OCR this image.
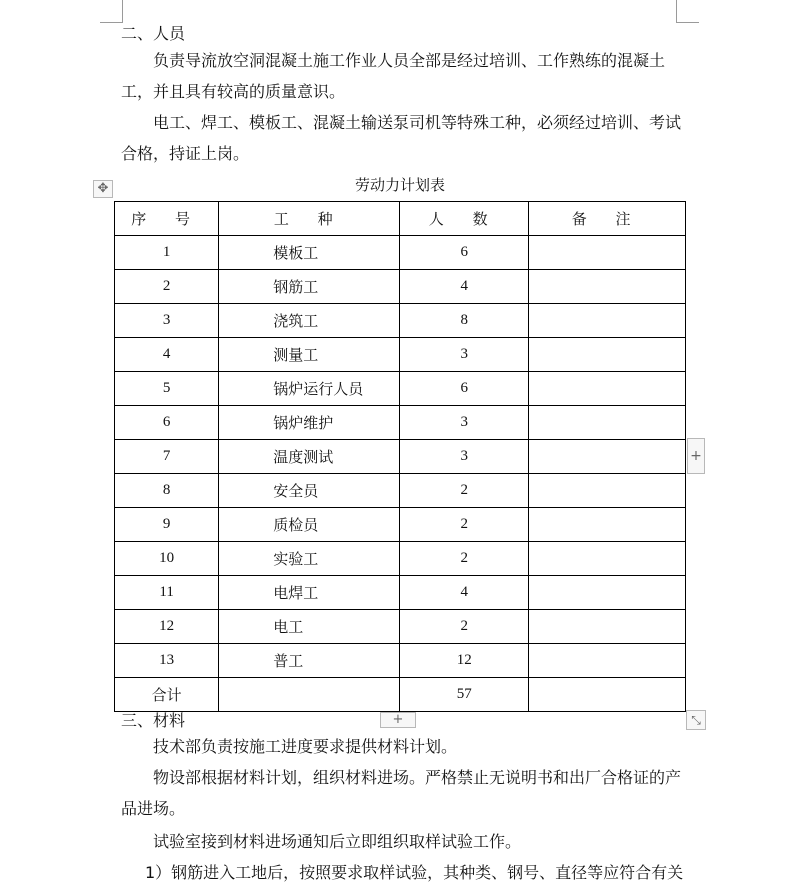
二、人员
负责导流放空洞混凝土施工作业人员全部是经过培训、工作熟练的混凝土
工，并且具有较高的质量意识。
电工、焊工、模板工、混凝土输送泵司机等特殊工种，必须经过培训、考试
合格，持证上岗。
劳动力计划表
✥
序 号	工 种	人 数	备 注
1	模板工	6	
2	钢筋工	4	
3	浇筑工	8	
4	测量工	3	
5	锅炉运行人员	6	
6	锅炉维护	3	
7	温度测试	3	
8	安全员	2	
9	质检员	2	
10	实验工	2	
11	电焊工	4	
12	电工	2	
13	普工	12	
合计		57	
+
+	⤡
三、材料
技术部负责按施工进度要求提供材料计划。
物设部根据材料计划，组织材料进场。严格禁止无说明书和出厂合格证的产
品进场。
试验室接到材料进场通知后立即组织取样试验工作。
1）钢筋进入工地后，按照要求取样试验，其种类、钢号、直径等应符合有关
